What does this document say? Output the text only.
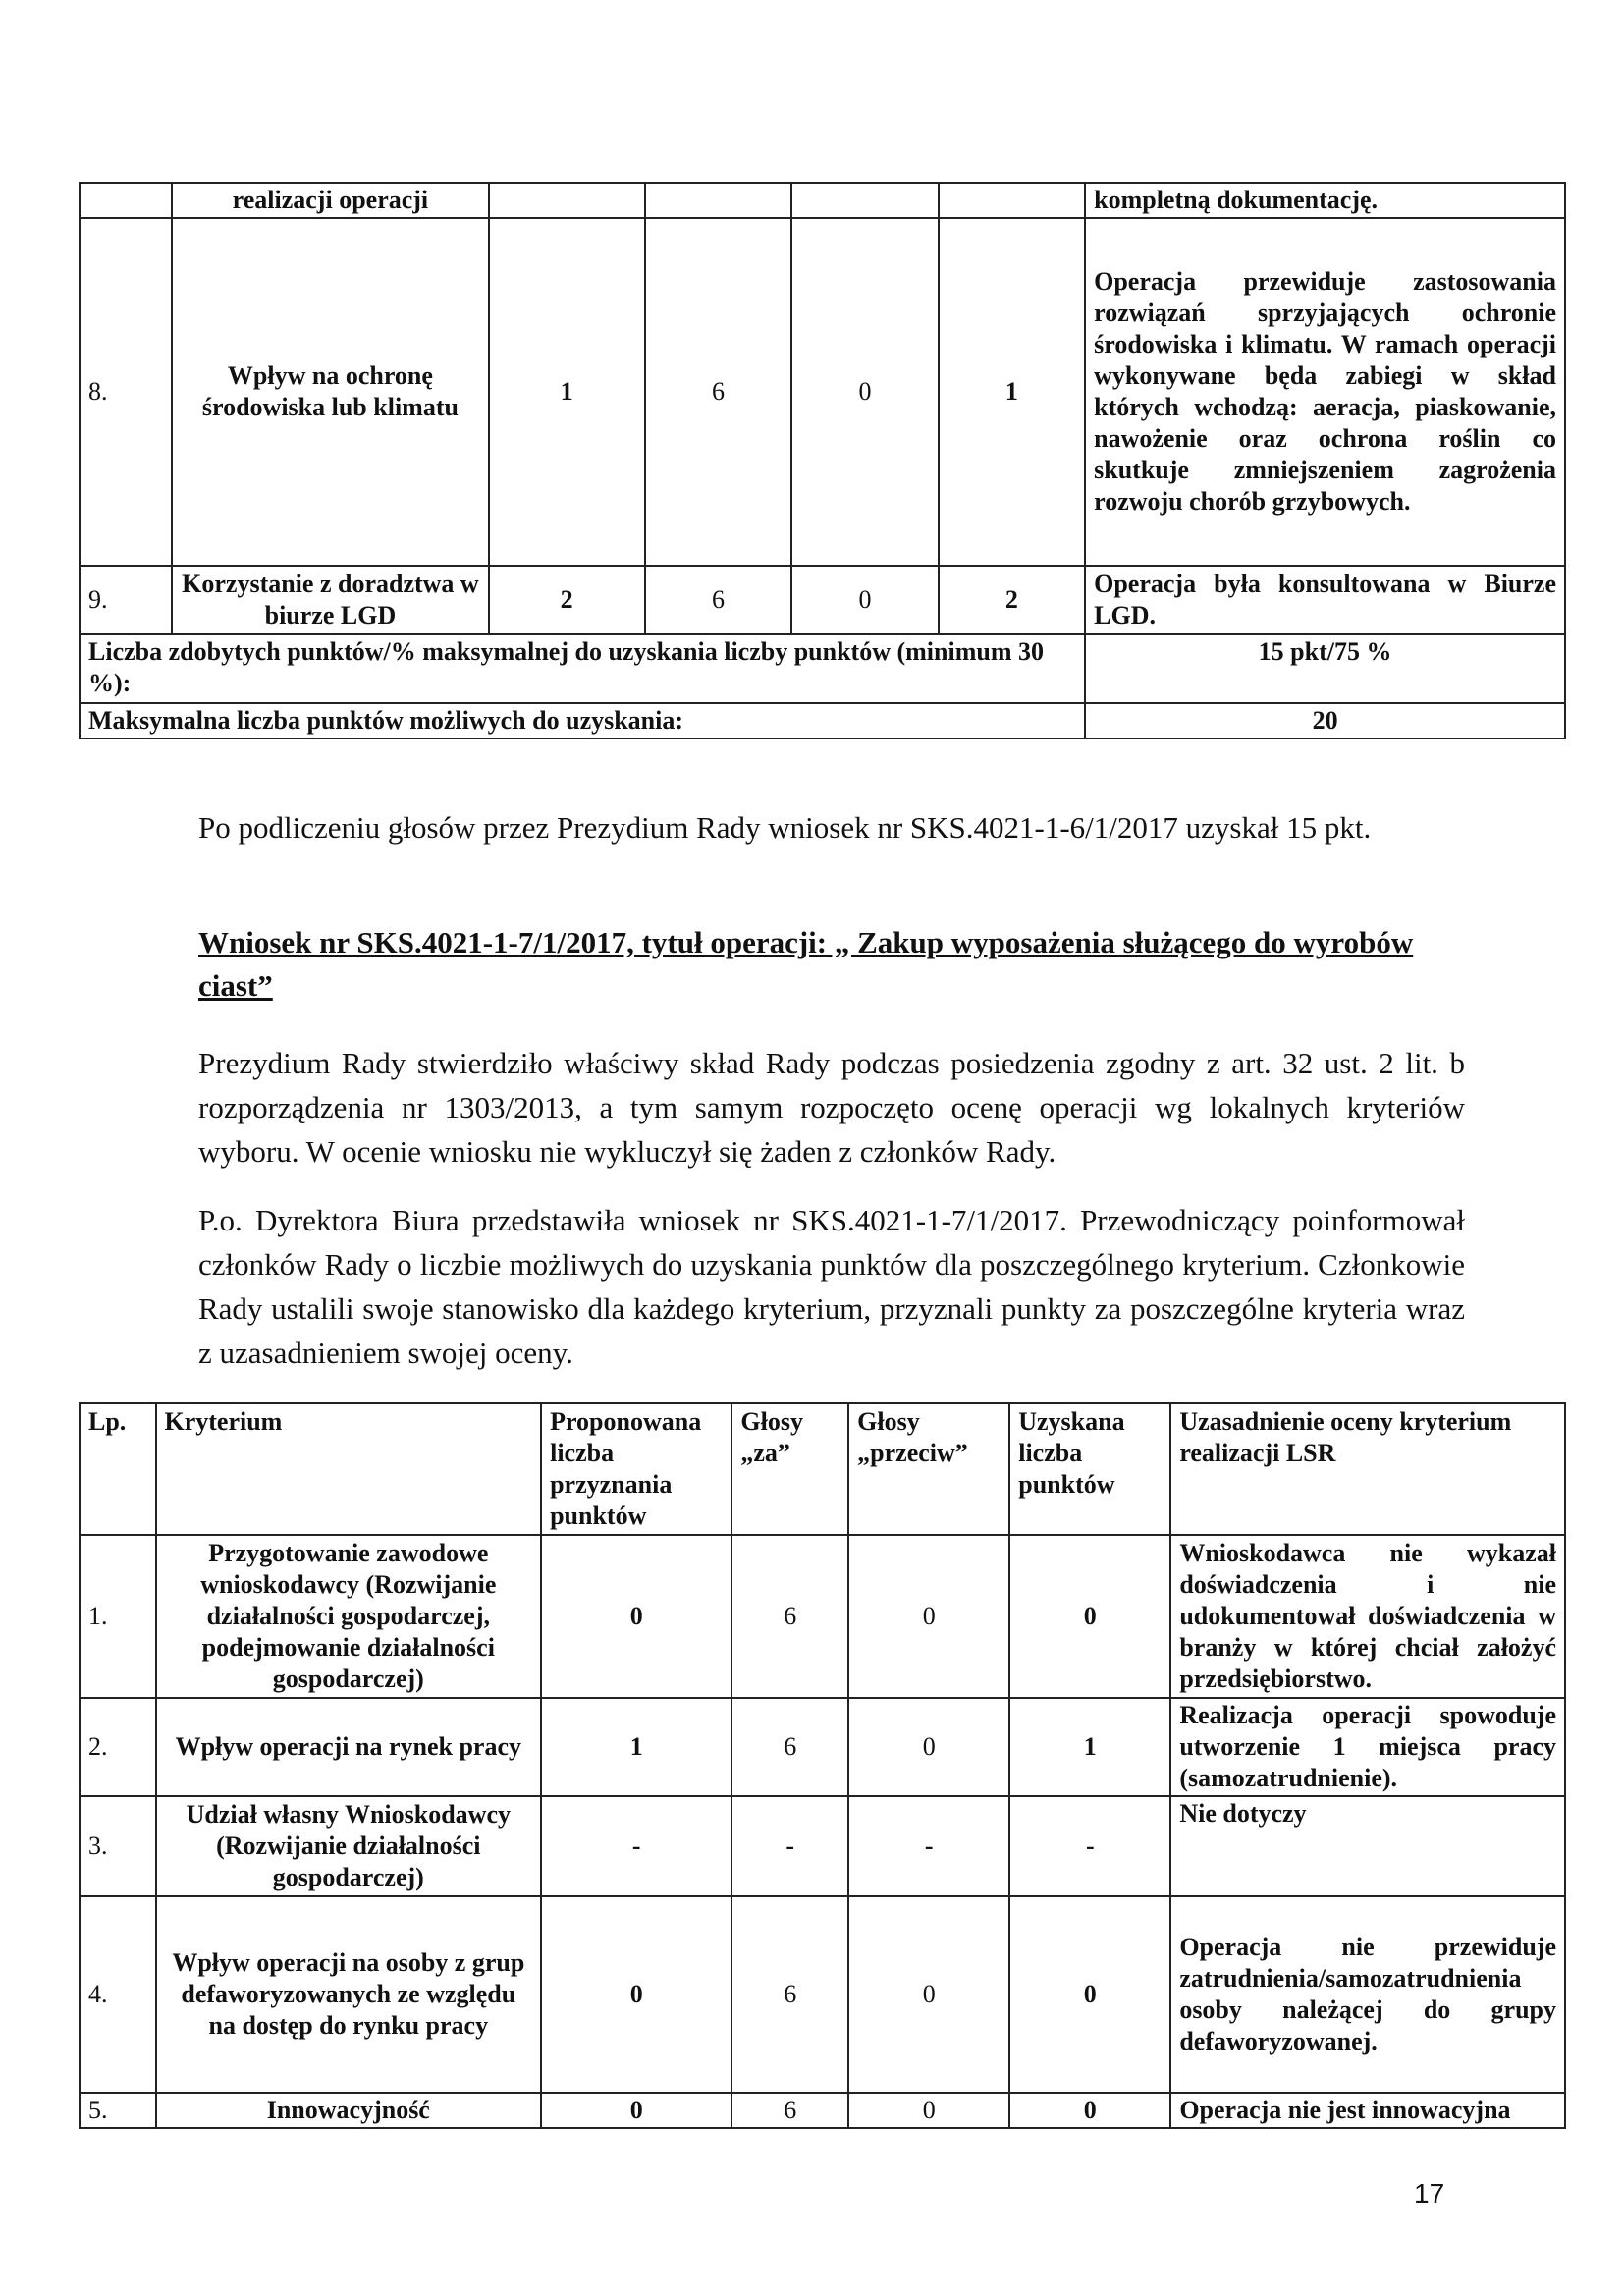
	realizacji operacji					kompletną dokumentację.
8.	Wpływ na ochronę środowiska lub klimatu	1	6	0	1	Operacja przewiduje zastosowania rozwiązań sprzyjających ochronie środowiska i klimatu. W ramach operacji wykonywane będa zabiegi w skład których wchodzą: aeracja, piaskowanie, nawożenie oraz ochrona roślin co skutkuje zmniejszeniem zagrożenia rozwoju chorób grzybowych.
9.	Korzystanie z doradztwa w biurze LGD	2	6	0	2	Operacja była konsultowana w Biurze LGD.
Liczba zdobytych punktów/% maksymalnej do uzyskania liczby punktów (minimum 30 %):						15 pkt/75 %
Maksymalna liczba punktów możliwych do uzyskania:						20

Po podliczeniu głosów przez Prezydium Rady wniosek nr SKS.4021-1-6/1/2017 uzyskał 15 pkt.

Wniosek nr SKS.4021-1-7/1/2017, tytuł operacji: „ Zakup wyposażenia służącego do wyrobów ciast”

Prezydium Rady stwierdziło właściwy skład Rady podczas posiedzenia zgodny z art. 32 ust. 2 lit. b rozporządzenia nr 1303/2013, a tym samym rozpoczęto ocenę operacji wg lokalnych kryteriów wyboru. W ocenie wniosku nie wykluczył się żaden z członków Rady.

P.o. Dyrektora Biura przedstawiła wniosek nr SKS.4021-1-7/1/2017. Przewodniczący poinformował członków Rady o liczbie możliwych do uzyskania punktów dla poszczególnego kryterium. Członkowie Rady ustalili swoje stanowisko dla każdego kryterium, przyznali punkty za poszczególne kryteria wraz z uzasadnieniem swojej oceny.

Lp.	Kryterium	Proponowana liczba przyznania punktów	Głosy „za”	Głosy „przeciw”	Uzyskana liczba punktów	Uzasadnienie oceny kryterium realizacji LSR
1.	Przygotowanie zawodowe wnioskodawcy (Rozwijanie działalności gospodarczej, podejmowanie działalności gospodarczej)	0	6	0	0	Wnioskodawca nie wykazał doświadczenia i nie udokumentował doświadczenia w branży w której chciał założyć przedsiębiorstwo.
2.	Wpływ operacji na rynek pracy	1	6	0	1	Realizacja operacji spowoduje utworzenie 1 miejsca pracy (samozatrudnienie).
3.	Udział własny Wnioskodawcy (Rozwijanie działalności gospodarczej)	-	-	-	-	Nie dotyczy
4.	Wpływ operacji na osoby z grup defaworyzowanych ze względu na dostęp do rynku pracy	0	6	0	0	Operacja nie przewiduje zatrudnienia/samozatrudnienia osoby należącej do grupy defaworyzowanej.
5.	Innowacyjność	0	6	0	0	Operacja nie jest innowacyjna
17
